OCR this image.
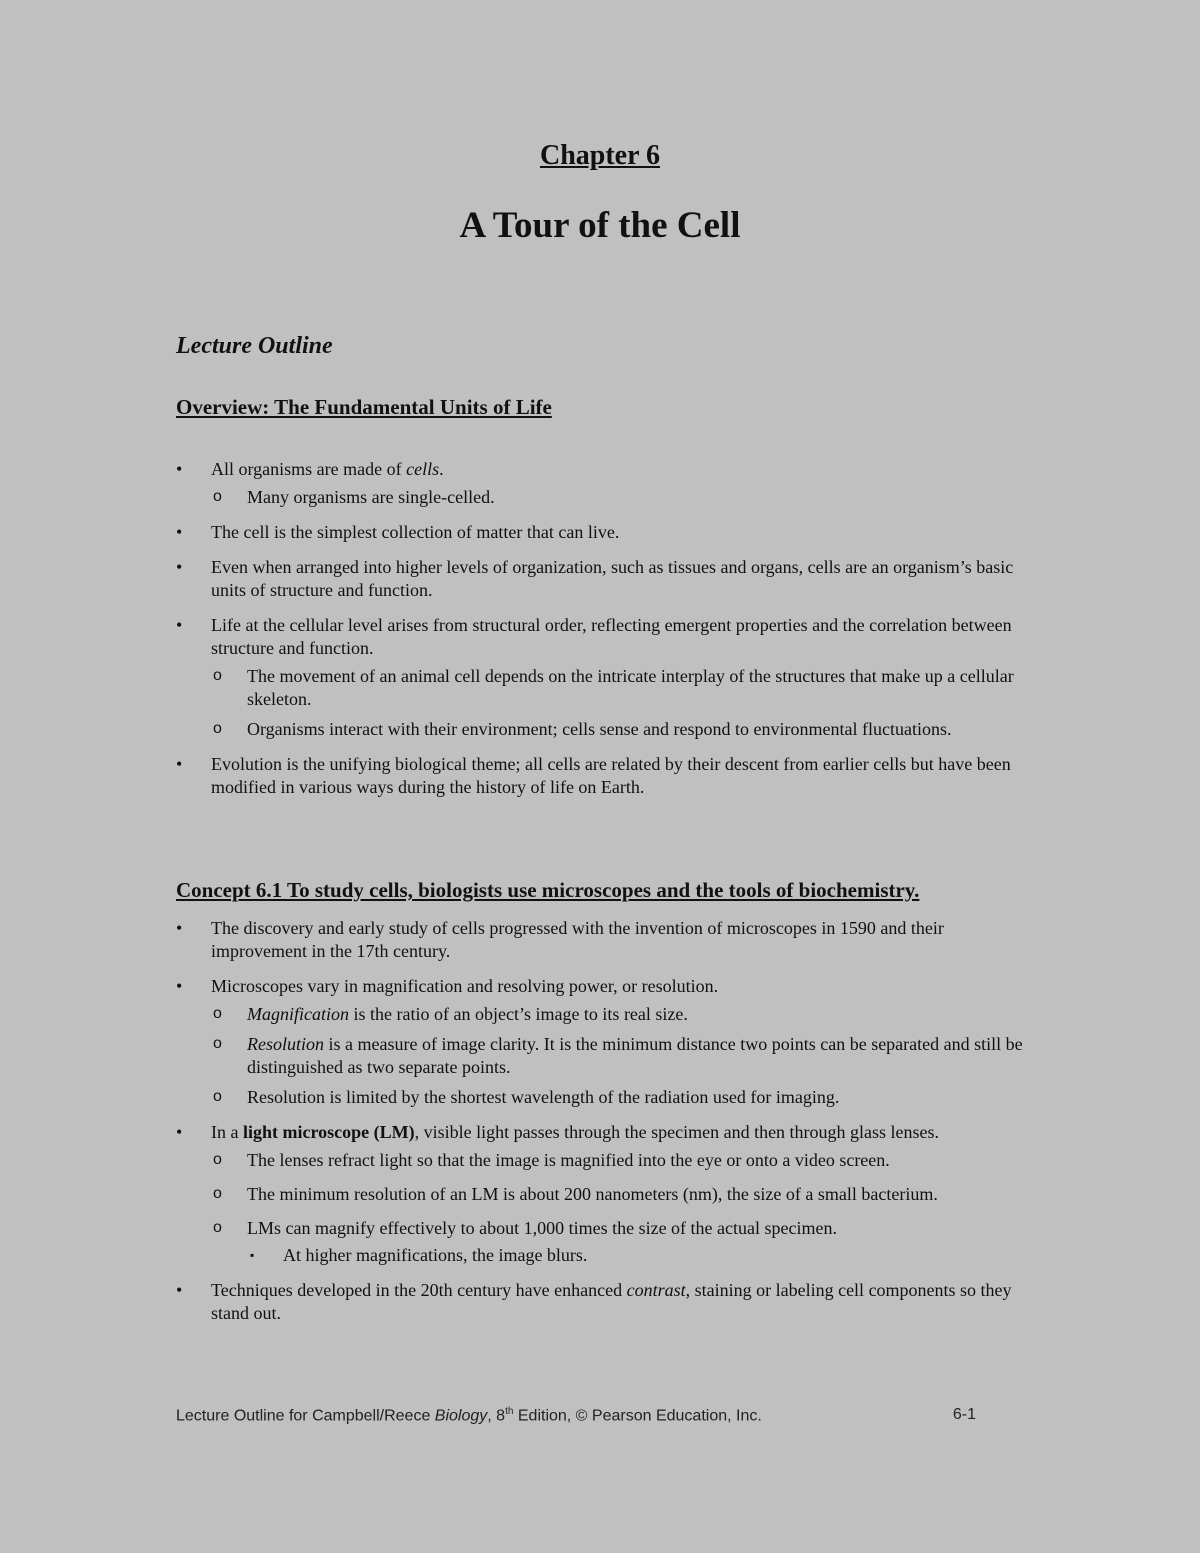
Chapter 6
A Tour of the Cell
Lecture Outline
Overview: The Fundamental Units of Life
• All organisms are made of cells.
o Many organisms are single-celled.
• The cell is the simplest collection of matter that can live.
• Even when arranged into higher levels of organization, such as tissues and organs, cells are an organism’s basic units of structure and function.
• Life at the cellular level arises from structural order, reflecting emergent properties and the correlation between structure and function.
o The movement of an animal cell depends on the intricate interplay of the structures that make up a cellular skeleton.
o Organisms interact with their environment; cells sense and respond to environmental fluctuations.
• Evolution is the unifying biological theme; all cells are related by their descent from earlier cells but have been modified in various ways during the history of life on Earth.
Concept 6.1 To study cells, biologists use microscopes and the tools of biochemistry.
• The discovery and early study of cells progressed with the invention of microscopes in 1590 and their improvement in the 17th century.
• Microscopes vary in magnification and resolving power, or resolution.
o Magnification is the ratio of an object’s image to its real size.
o Resolution is a measure of image clarity. It is the minimum distance two points can be separated and still be distinguished as two separate points.
o Resolution is limited by the shortest wavelength of the radiation used for imaging.
• In a light microscope (LM), visible light passes through the specimen and then through glass lenses.
o The lenses refract light so that the image is magnified into the eye or onto a video screen.
o The minimum resolution of an LM is about 200 nanometers (nm), the size of a small bacterium.
o LMs can magnify effectively to about 1,000 times the size of the actual specimen.
▪ At higher magnifications, the image blurs.
• Techniques developed in the 20th century have enhanced contrast, staining or labeling cell components so they stand out.
Lecture Outline for Campbell/Reece Biology, 8th Edition, © Pearson Education, Inc.	6-1
